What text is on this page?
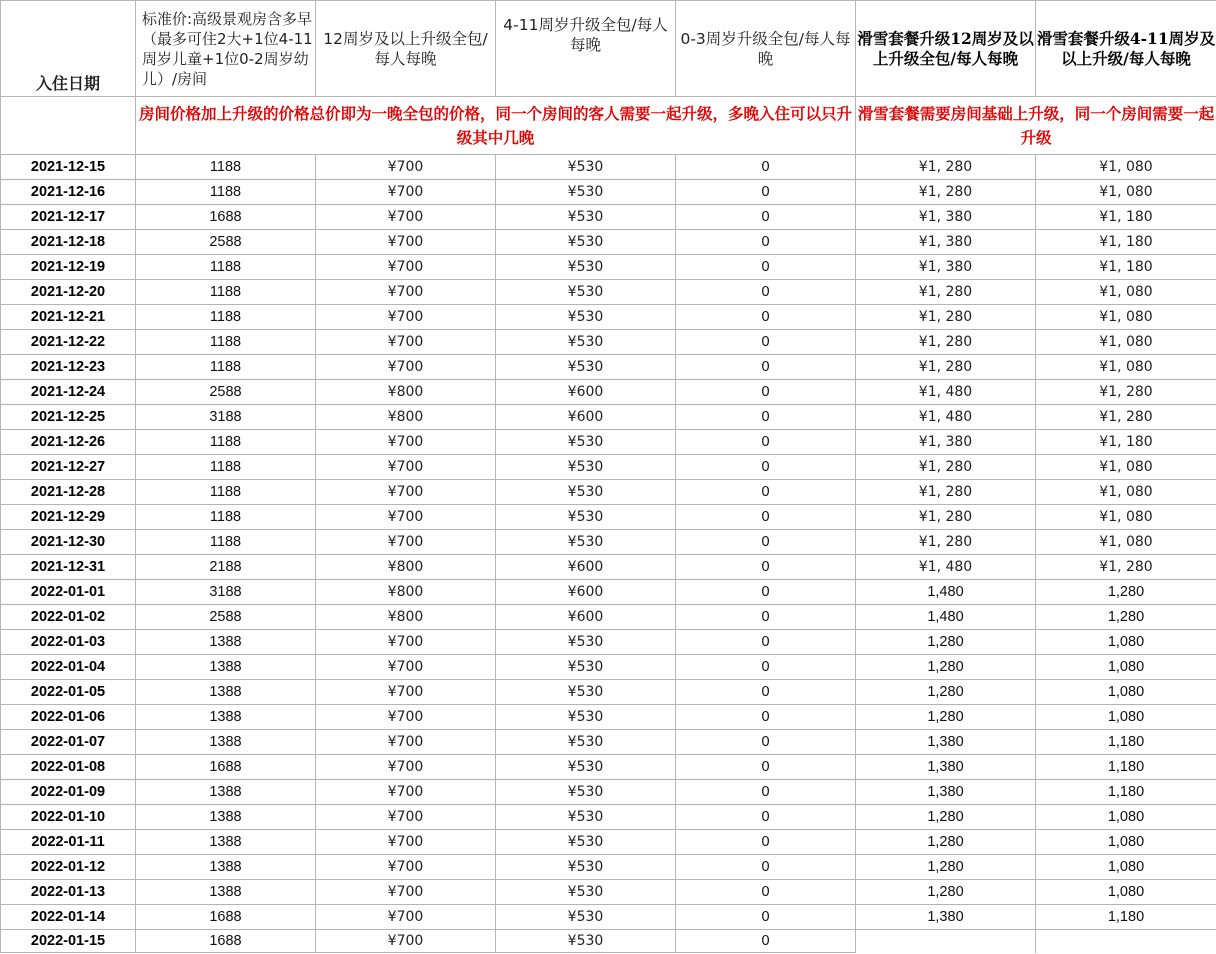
入住日期	标准价:高级景观房含多早（最多可住2大+1位4-11周岁儿童+1位0-2周岁幼儿）/房间	12周岁及以上升级全包/每人每晚	4-11周岁升级全包/每人每晚	0-3周岁升级全包/每人每晚	滑雪套餐升级12周岁及以上升级全包/每人每晚	滑雪套餐升级4-11周岁及以上升级/每人每晚
	房间价格加上升级的价格总价即为一晚全包的价格，同一个房间的客人需要一起升级，多晚入住可以只升级其中几晚				滑雪套餐需要房间基础上升级，同一个房间需要一起升级	
2021-12-15	1188	¥700	¥530	0	¥1, 280	¥1, 080
2021-12-16	1188	¥700	¥530	0	¥1, 280	¥1, 080
2021-12-17	1688	¥700	¥530	0	¥1, 380	¥1, 180
2021-12-18	2588	¥700	¥530	0	¥1, 380	¥1, 180
2021-12-19	1188	¥700	¥530	0	¥1, 380	¥1, 180
2021-12-20	1188	¥700	¥530	0	¥1, 280	¥1, 080
2021-12-21	1188	¥700	¥530	0	¥1, 280	¥1, 080
2021-12-22	1188	¥700	¥530	0	¥1, 280	¥1, 080
2021-12-23	1188	¥700	¥530	0	¥1, 280	¥1, 080
2021-12-24	2588	¥800	¥600	0	¥1, 480	¥1, 280
2021-12-25	3188	¥800	¥600	0	¥1, 480	¥1, 280
2021-12-26	1188	¥700	¥530	0	¥1, 380	¥1, 180
2021-12-27	1188	¥700	¥530	0	¥1, 280	¥1, 080
2021-12-28	1188	¥700	¥530	0	¥1, 280	¥1, 080
2021-12-29	1188	¥700	¥530	0	¥1, 280	¥1, 080
2021-12-30	1188	¥700	¥530	0	¥1, 280	¥1, 080
2021-12-31	2188	¥800	¥600	0	¥1, 480	¥1, 280
2022-01-01	3188	¥800	¥600	0	1,480	1,280
2022-01-02	2588	¥800	¥600	0	1,480	1,280
2022-01-03	1388	¥700	¥530	0	1,280	1,080
2022-01-04	1388	¥700	¥530	0	1,280	1,080
2022-01-05	1388	¥700	¥530	0	1,280	1,080
2022-01-06	1388	¥700	¥530	0	1,280	1,080
2022-01-07	1388	¥700	¥530	0	1,380	1,180
2022-01-08	1688	¥700	¥530	0	1,380	1,180
2022-01-09	1388	¥700	¥530	0	1,380	1,180
2022-01-10	1388	¥700	¥530	0	1,280	1,080
2022-01-11	1388	¥700	¥530	0	1,280	1,080
2022-01-12	1388	¥700	¥530	0	1,280	1,080
2022-01-13	1388	¥700	¥530	0	1,280	1,080
2022-01-14	1688	¥700	¥530	0	1,380	1,180
2022-01-15	1688	¥700	¥530	0		
